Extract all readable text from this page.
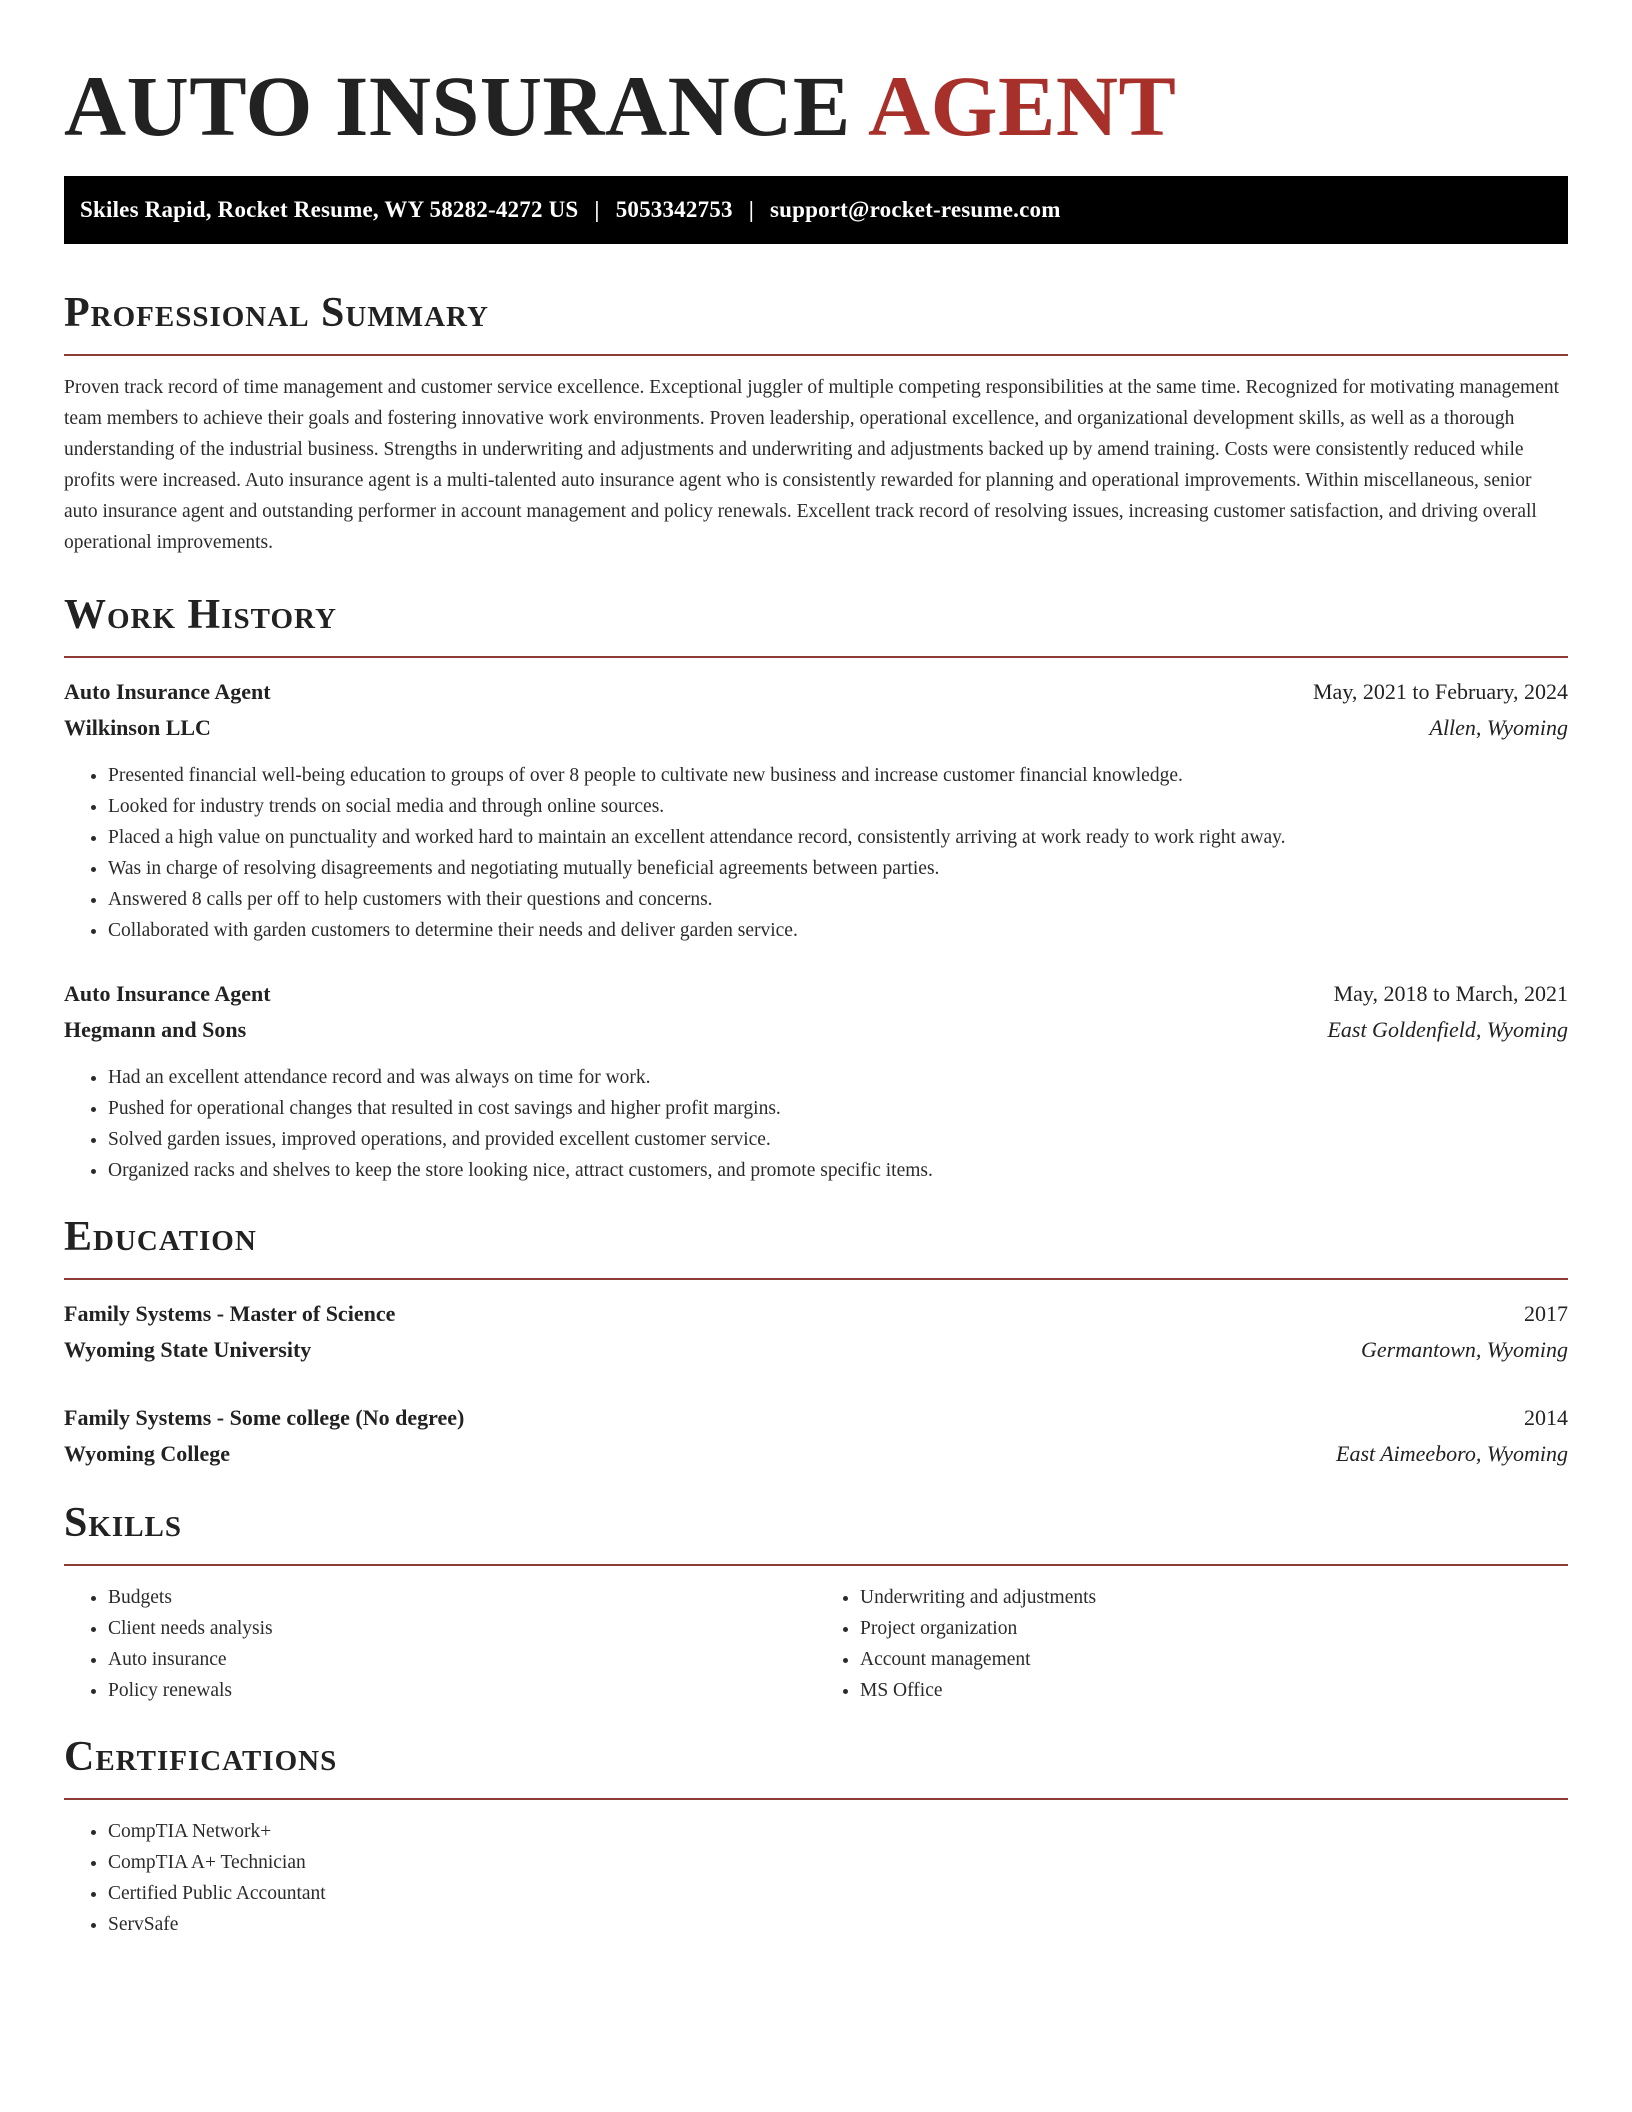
AUTO INSURANCE AGENT
Skiles Rapid, Rocket Resume, WY 58282-4272 US | 5053342753 | support@rocket-resume.com
Professional Summary

Proven track record of time management and customer service excellence. Exceptional juggler of multiple competing responsibilities at the same time. Recognized for motivating management team members to achieve their goals and fostering innovative work environments. Proven leadership, operational excellence, and organizational development skills, as well as a thorough understanding of the industrial business. Strengths in underwriting and adjustments and underwriting and adjustments backed up by amend training. Costs were consistently reduced while profits were increased. Auto insurance agent is a multi-talented auto insurance agent who is consistently rewarded for planning and operational improvements. Within miscellaneous, senior auto insurance agent and outstanding performer in account management and policy renewals. Excellent track record of resolving issues, increasing customer satisfaction, and driving overall operational improvements.

Work History
Auto Insurance Agent	May, 2021 to February, 2024
Wilkinson LLC	Allen, Wyoming
• Presented financial well-being education to groups of over 8 people to cultivate new business and increase customer financial knowledge.
• Looked for industry trends on social media and through online sources.
• Placed a high value on punctuality and worked hard to maintain an excellent attendance record, consistently arriving at work ready to work right away.
• Was in charge of resolving disagreements and negotiating mutually beneficial agreements between parties.
• Answered 8 calls per off to help customers with their questions and concerns.
• Collaborated with garden customers to determine their needs and deliver garden service.
Auto Insurance Agent	May, 2018 to March, 2021
Hegmann and Sons	East Goldenfield, Wyoming
• Had an excellent attendance record and was always on time for work.
• Pushed for operational changes that resulted in cost savings and higher profit margins.
• Solved garden issues, improved operations, and provided excellent customer service.
• Organized racks and shelves to keep the store looking nice, attract customers, and promote specific items.
Education
Family Systems - Master of Science	2017
Wyoming State University	Germantown, Wyoming
Family Systems - Some college (No degree)	2014
Wyoming College	East Aimeeboro, Wyoming
Skills
• Budgets
• Client needs analysis
• Auto insurance
• Policy renewals
• Underwriting and adjustments
• Project organization
• Account management
• MS Office
Certifications
• CompTIA Network+
• CompTIA A+ Technician
• Certified Public Accountant
• ServSafe
